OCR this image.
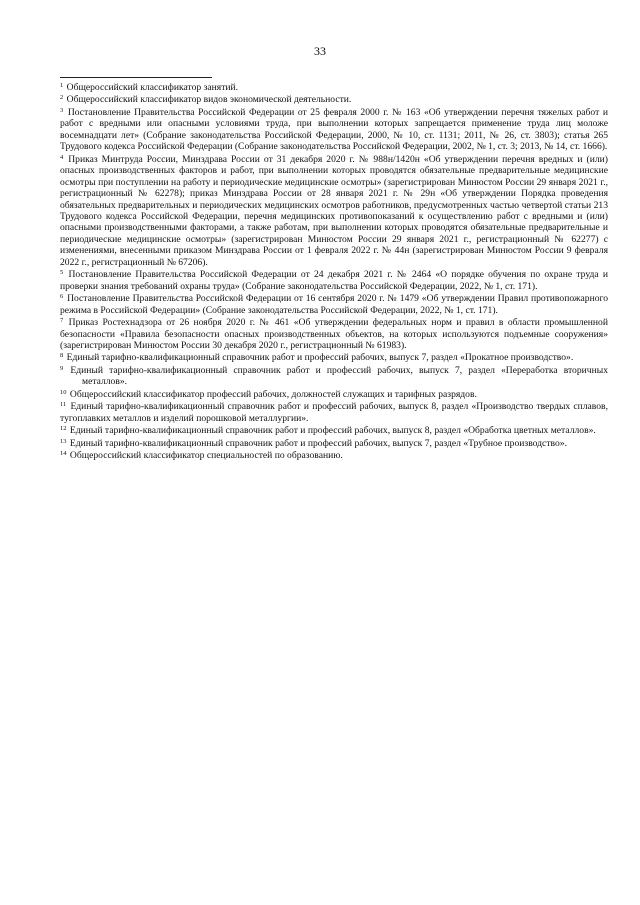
33

$^1$ Общероссийский классификатор занятий.

$^2$ Общероссийский классификатор видов экономической деятельности.

$^3$ Постановление Правительства Российской Федерации от 25 февраля 2000 г. № 163 «Об утверждении перечня тяжелых работ и работ с вредными или опасными условиями труда, при выполнении которых запрещается применение труда лиц моложе восемнадцати лет» (Собрание законодательства Российской Федерации, 2000, № 10, ст. 1131; 2011, № 26, ст. 3803); статья 265 Трудового кодекса Российской Федерации (Собрание законодательства Российской Федерации, 2002, № 1, ст. 3; 2013, № 14, ст. 1666).

$^4$ Приказ Минтруда России, Минздрава России от 31 декабря 2020 г. № 988н/1420н «Об утверждении перечня вредных и (или) опасных производственных факторов и работ, при выполнении которых проводятся обязательные предварительные медицинские осмотры при поступлении на работу и периодические медицинские осмотры» (зарегистрирован Минюстом России 29 января 2021 г., регистрационный № 62278); приказ Минздрава России от 28 января 2021 г. № 29н «Об утверждении Порядка проведения обязательных предварительных и периодических медицинских осмотров работников, предусмотренных частью четвертой статьи 213 Трудового кодекса Российской Федерации, перечня медицинских противопоказаний к осуществлению работ с вредными и (или) опасными производственными факторами, а также работам, при выполнении которых проводятся обязательные предварительные и периодические медицинские осмотры» (зарегистрирован Минюстом России 29 января 2021 г., регистрационный № 62277) с изменениями, внесенными приказом Минздрава России от 1 февраля 2022 г. № 44н (зарегистрирован Минюстом России 9 февраля 2022 г., регистрационный № 67206).

$^5$ Постановление Правительства Российской Федерации от 24 декабря 2021 г. № 2464 «О порядке обучения по охране труда и проверки знания требований охраны труда» (Собрание законодательства Российской Федерации, 2022, № 1, ст. 171).

$^6$ Постановление Правительства Российской Федерации от 16 сентября 2020 г. № 1479 «Об утверждении Правил противопожарного режима в Российской Федерации» (Собрание законодательства Российской Федерации, 2022, № 1, ст. 171).

$^7$ Приказ Ростехнадзора от 26 ноября 2020 г. № 461 «Об утверждении федеральных норм и правил в области промышленной безопасности «Правила безопасности опасных производственных объектов, на которых используются подъемные сооружения» (зарегистрирован Минюстом России 30 декабря 2020 г., регистрационный № 61983).

$^8$ Единый тарифно-квалификационный справочник работ и профессий рабочих, выпуск 7, раздел «Прокатное производство».

$^9$ Единый тарифно-квалификационный справочник работ и профессий рабочих, выпуск 7, раздел «Переработка вторичных металлов».

$^{10}$ Общероссийский классификатор профессий рабочих, должностей служащих и тарифных разрядов.

$^{11}$ Единый тарифно-квалификационный справочник работ и профессий рабочих, выпуск 8, раздел «Производство твердых сплавов, тугоплавких металлов и изделий порошковой металлургии».

$^{12}$ Единый тарифно-квалификационный справочник работ и профессий рабочих, выпуск 8, раздел «Обработка цветных металлов».

$^{13}$ Единый тарифно-квалификационный справочник работ и профессий рабочих, выпуск 7, раздел «Трубное производство».

$^{14}$ Общероссийский классификатор специальностей по образованию.
